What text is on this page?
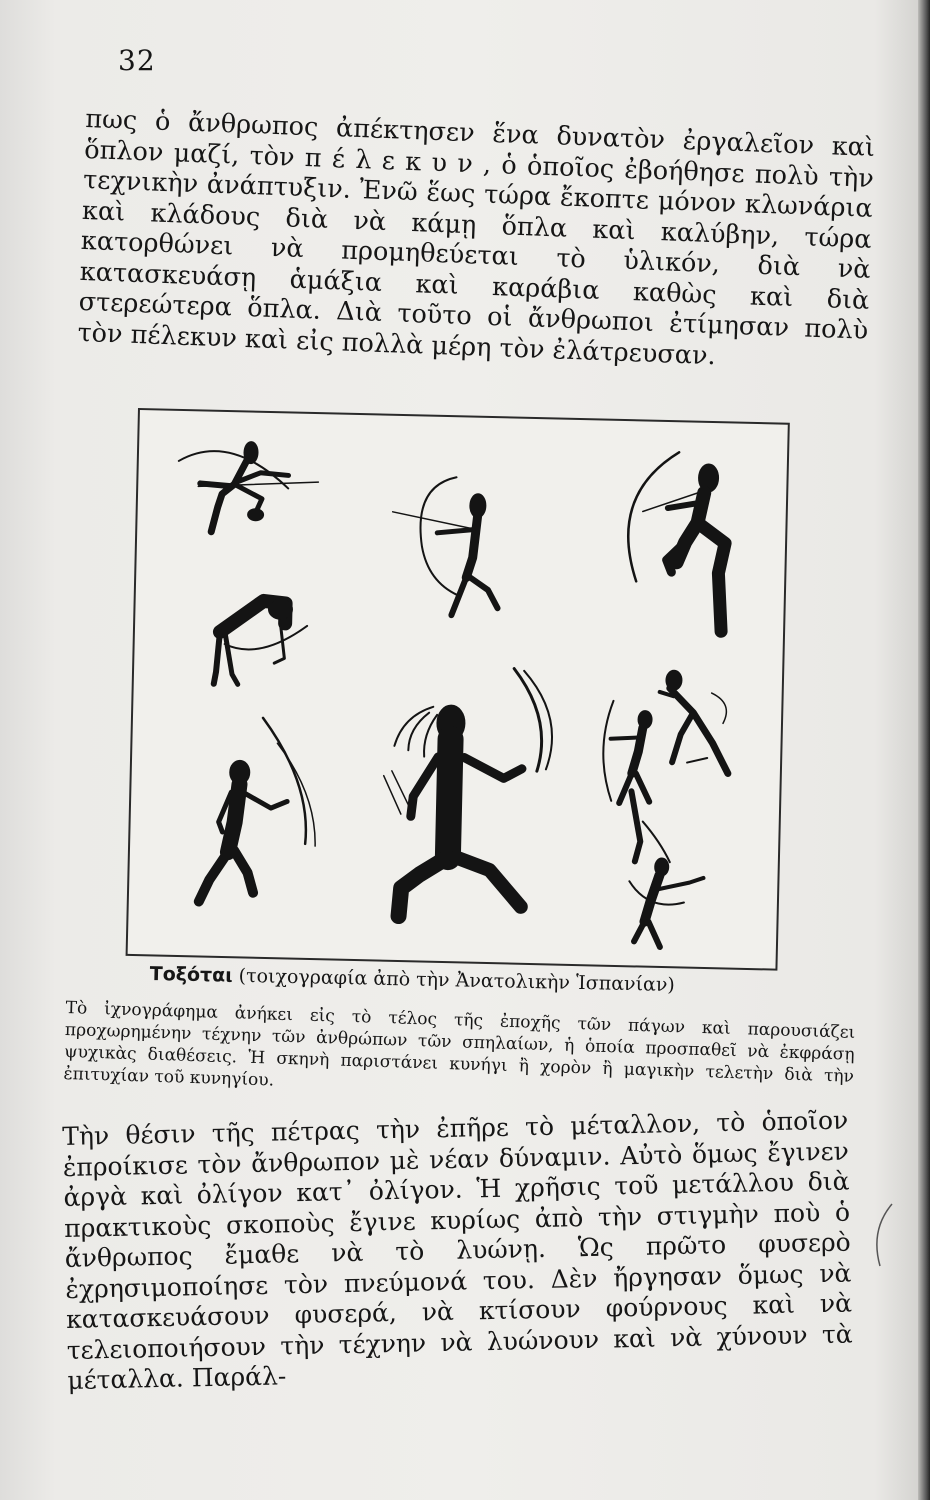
32

πως ὁ ἄνθρωπος ἀπέκτησεν ἕνα δυνατὸν ἐργαλεῖον καὶ ὅπλον μαζί, τὸν π έ λ ε κ υ ν , ὁ ὁποῖος ἐβοήθησε πολὺ τὴν τεχνικὴν ἀνάπτυξιν. Ἐνῶ ἕως τώρα ἔκοπτε μόνον κλωνάρια καὶ κλάδους διὰ νὰ κάμῃ ὅπλα καὶ καλύβην, τώρα κατορθώνει νὰ προμηθεύεται τὸ ὑλικόν, διὰ νὰ κατασκευάσῃ ἁμάξια καὶ καράβια καθὼς καὶ διὰ στερεώτερα ὅπλα. Διὰ τοῦτο οἱ ἄνθρωποι ἐτίμησαν πολὺ τὸν πέλεκυν καὶ εἰς πολλὰ μέρη τὸν ἐλάτρευσαν.

Τοξόται (τοιχογραφία ἀπὸ τὴν Ἀνατολικὴν Ἱσπανίαν)

Τὸ ἰχνογράφημα ἀνήκει εἰς τὸ τέλος τῆς ἐποχῆς τῶν πάγων καὶ παρουσιάζει προχωρημένην τέχνην τῶν ἀνθρώπων τῶν σπηλαίων, ἡ ὁποία προσπαθεῖ νὰ ἐκφράσῃ ψυχικὰς διαθέσεις. Ἡ σκηνὴ παριστάνει κυνήγι ἢ χορὸν ἢ μαγικὴν τελετὴν διὰ τὴν ἐπιτυχίαν τοῦ κυνηγίου.

Τὴν θέσιν τῆς πέτρας τὴν ἐπῆρε τὸ μέταλλον, τὸ ὁποῖον ἐπροίκισε τὸν ἄνθρωπον μὲ νέαν δύναμιν. Αὐτὸ ὅμως ἔγινεν ἀργὰ καὶ ὀλίγον κατ᾽ ὀλίγον. Ἡ χρῆσις τοῦ μετάλλου διὰ πρακτικοὺς σκοποὺς ἔγινε κυρίως ἀπὸ τὴν στιγμὴν ποὺ ὁ ἄνθρωπος ἔμαθε νὰ τὸ λυώνῃ. Ὡς πρῶτο φυσερὸ ἐχρησιμοποίησε τὸν πνεύμονά του. Δὲν ἤργησαν ὅμως νὰ κατασκευάσουν φυσερά, νὰ κτίσουν φούρνους καὶ νὰ τελειοποιήσουν τὴν τέχνην νὰ λυώνουν καὶ νὰ χύνουν τὰ μέταλλα. Παράλ-
